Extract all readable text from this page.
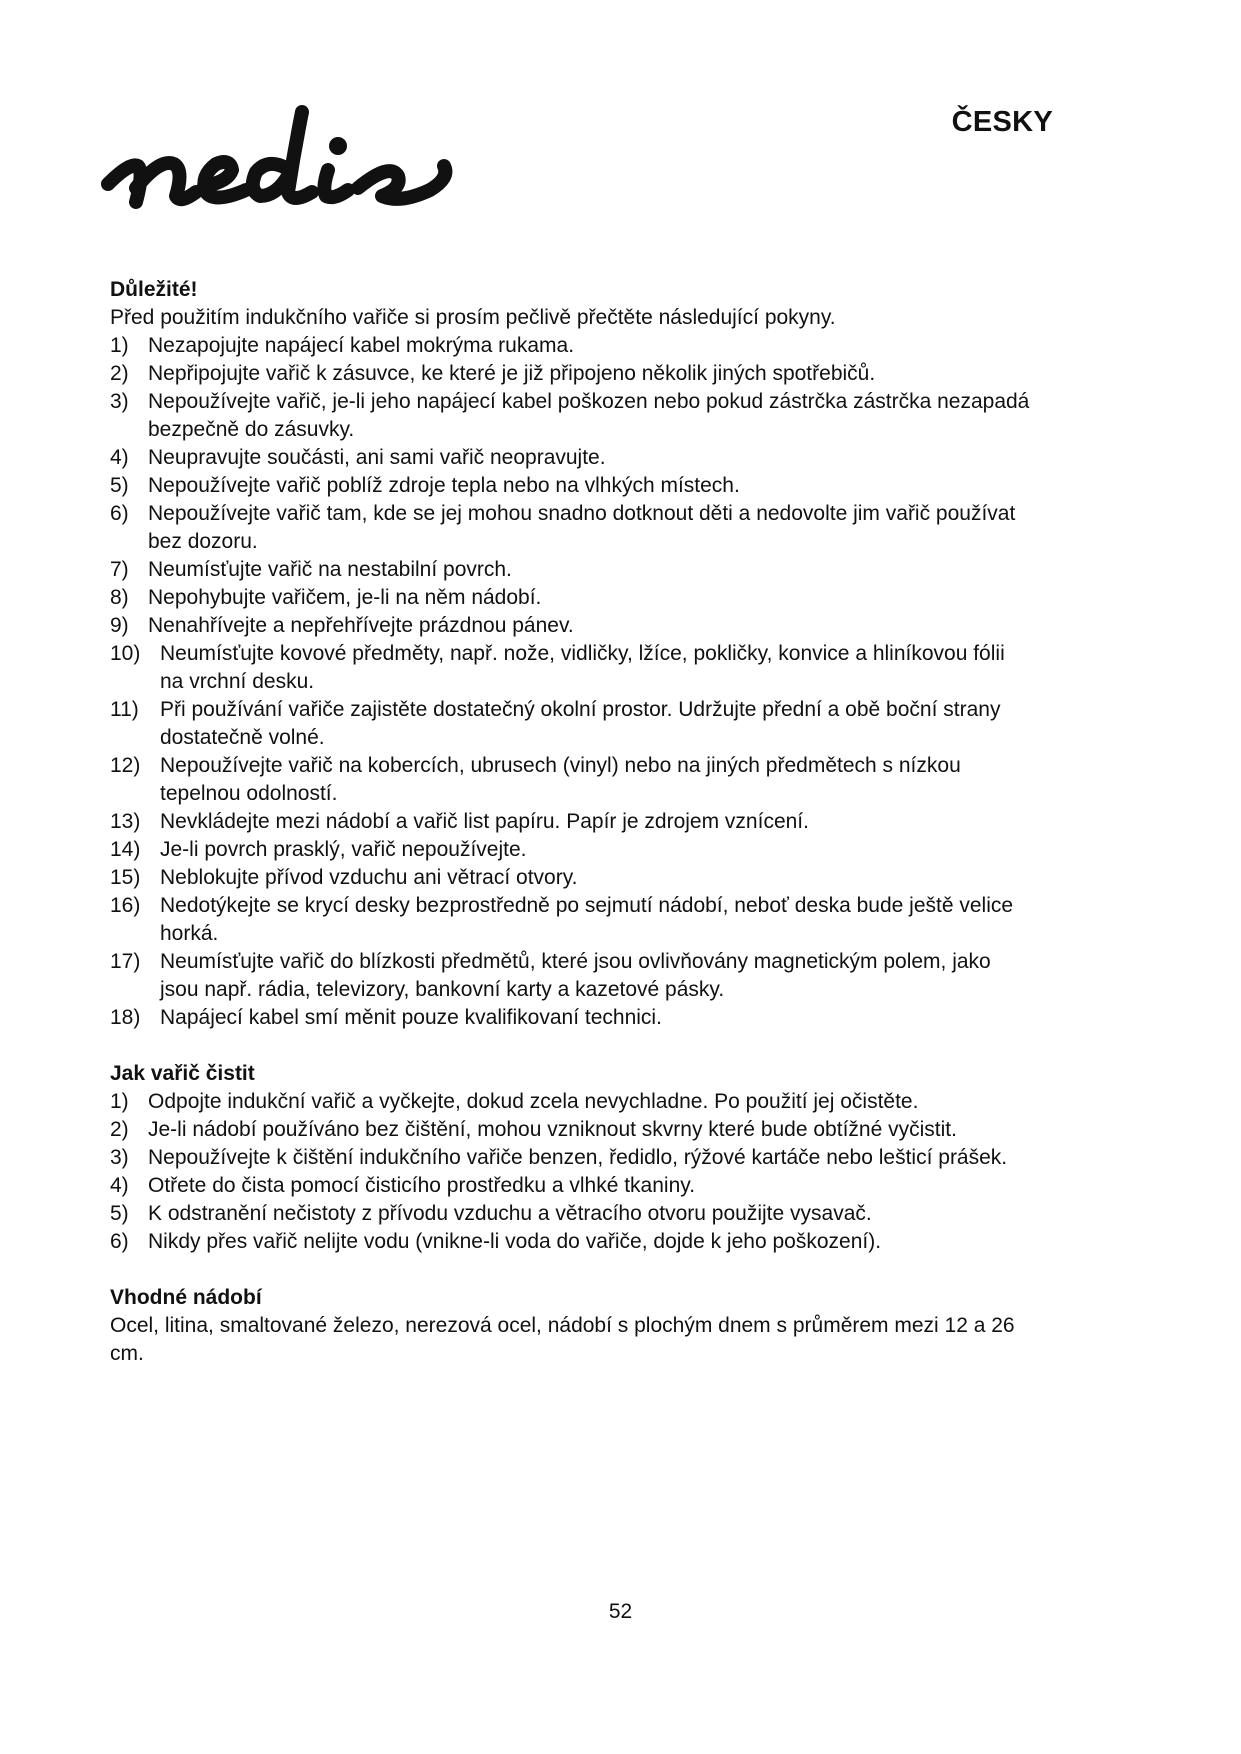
ČESKY

Důležité!

Před použitím indukčního vařiče si prosím pečlivě přečtěte následující pokyny.

1) Nezapojujte napájecí kabel mokrýma rukama.
2) Nepřipojujte vařič k zásuvce, ke které je již připojeno několik jiných spotřebičů.
3) Nepoužívejte vařič, je-li jeho napájecí kabel poškozen nebo pokud zástrčka zástrčka nezapadá bezpečně do zásuvky.
4) Neupravujte součásti, ani sami vařič neopravujte.
5) Nepoužívejte vařič poblíž zdroje tepla nebo na vlhkých místech.
6) Nepoužívejte vařič tam, kde se jej mohou snadno dotknout děti a nedovolte jim vařič používat bez dozoru.
7) Neumísťujte vařič na nestabilní povrch.
8) Nepohybujte vařičem, je-li na něm nádobí.
9) Nenahřívejte a nepřehřívejte prázdnou pánev.
10) Neumísťujte kovové předměty, např. nože, vidličky, lžíce, pokličky, konvice a hliníkovou fólii na vrchní desku.
11)	Při používání vařiče zajistěte dostatečný okolní prostor. Udržujte přední a obě boční strany dostatečně volné.
12) Nepoužívejte vařič na kobercích, ubrusech (vinyl) nebo na jiných předmětech s nízkou tepelnou odolností.
13) Nevkládejte mezi nádobí a vařič list papíru. Papír je zdrojem vznícení.
14) Je-li povrch prasklý, vařič nepoužívejte.
15) Neblokujte přívod vzduchu ani větrací otvory.
16) Nedotýkejte se krycí desky bezprostředně po sejmutí nádobí, neboť deska bude ještě velice horká.
17) Neumísťujte vařič do blízkosti předmětů, které jsou ovlivňovány magnetickým polem, jako jsou např. rádia, televizory, bankovní karty a kazetové pásky.
18) Napájecí kabel smí měnit pouze kvalifikovaní technici.

Jak vařič čistit

1) Odpojte indukční vařič a vyčkejte, dokud zcela nevychladne. Po použití jej očistěte.
2) Je-li nádobí používáno bez čištění, mohou vzniknout skvrny které bude obtížné vyčistit.
3) Nepoužívejte k čištění indukčního vařiče benzen, ředidlo, rýžové kartáče nebo lešticí prášek.
4) Otřete do čista pomocí čisticího prostředku a vlhké tkaniny.
5) K odstranění nečistoty z přívodu vzduchu a větracího otvoru použijte vysavač.
6) Nikdy přes vařič nelijte vodu (vnikne-li voda do vařiče, dojde k jeho poškození).

Vhodné nádobí

Ocel, litina, smaltované železo, nerezová ocel, nádobí s plochým dnem s průměrem mezi 12 a 26 cm.

52
